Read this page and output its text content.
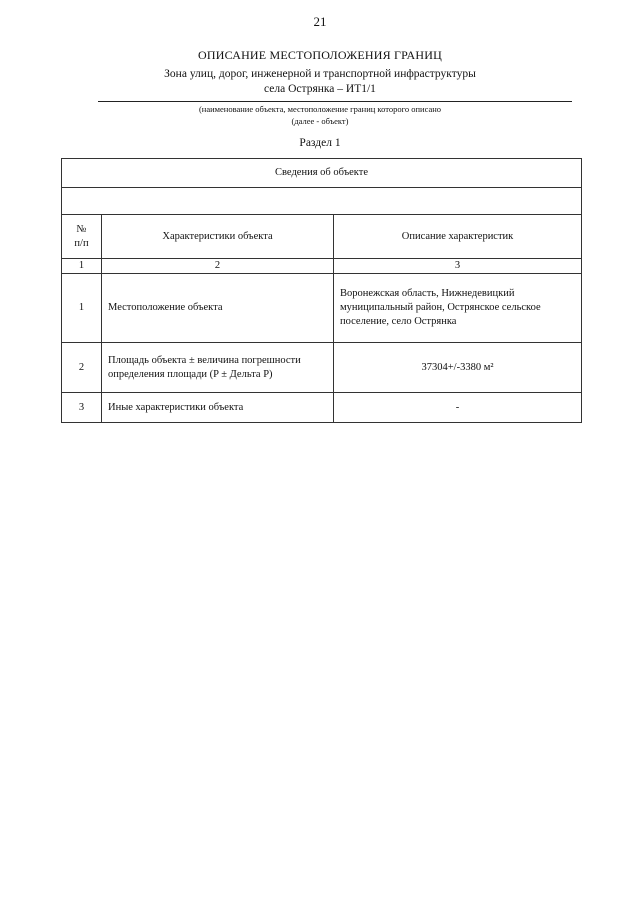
21
ОПИСАНИЕ МЕСТОПОЛОЖЕНИЯ ГРАНИЦ
Зона улиц, дорог, инженерной и транспортной инфраструктуры
села Острянка – ИТ1/1
(наименование объекта, местоположение границ которого описано
(далее - объект)
Раздел 1
Сведения об объекте		

№
п/п	Характеристики объекта	Описание характеристик
1	2	3
1	Местоположение объекта	Воронежская область, Нижнедевицкий муниципальный район, Острянское сельское поселение, село Острянка
2	Площадь объекта ± величина погрешности определения площади (P ± Дельта P)	37304+/-3380 м²
3	Иные характеристики объекта	-
